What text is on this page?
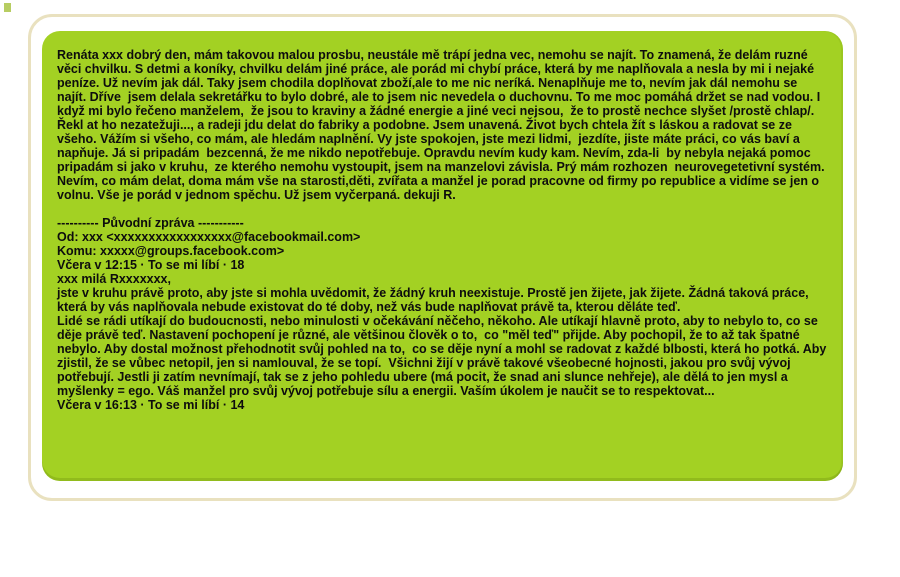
Renáta xxx dobrý den, mám takovou malou prosbu, neustále mě trápí jedna vec, nemohu se najít. To znamená, že delám ruzné věci chvilku. S detmi a koníky, chvilku delám jiné práce, ale porád mi chybí práce, která by me naplňovala a nesla by mi i nejaké peníze. Už nevím jak dál. Taky jsem chodila doplňovat zboží,ale to me nic neríká. Nenaplňuje me to, nevím jak dál nemohu se najít. Dříve  jsem delala sekretářku to bylo dobré, ale to jsem nic nevedela o duchovnu. To me moc pomáhá držet se nad vodou. I když mi bylo řečeno manželem,  že jsou to kraviny a žádné energie a jiné veci nejsou,  že to prostě nechce slyšet /prostě chlap/. Řekl at ho nezatežuji..., a radeji jdu delat do fabriky a podobne. Jsem unavená. Život bych chtela žít s láskou a radovat se ze všeho. Vážím si všeho, co mám, ale hledám naplnění. Vy jste spokojen, jste mezi lidmi,  jezdíte, jiste máte práci, co vás baví a napňuje. Já si pripadám  bezcenná, že me nikdo nepotřebuje. Opravdu nevím kudy kam. Nevím, zda-li  by nebyla nejaká pomoc pripadám si jako v kruhu,  ze kterého nemohu vystoupit, jsem na manzelovi závisla. Prý mám rozhozen  neurovegetetivní systém. Nevím, co mám delat, doma mám vše na starosti,děti, zvířata a manžel je porad pracovne od firmy po republice a vidíme se jen o volnu. Vše je porád v jednom spěchu. Už jsem vyčerpaná. dekuji R.
---------- Původní zpráva -----------
Od: xxx <xxxxxxxxxxxxxxxxx@facebookmail.com>
Komu: xxxxx@groups.facebook.com>
Včera v 12:15 · To se mi líbí · 18
xxx milá Rxxxxxxx,
jste v kruhu právě proto, aby jste si mohla uvědomit, že žádný kruh neexistuje. Prostě jen žijete, jak žijete. Žádná taková práce, která by vás naplňovala nebude existovat do té doby, než vás bude naplňovat právě ta, kterou děláte teď.
Lidé se rádi utíkají do budoucnosti, nebo minulosti v očekávání něčeho, někoho. Ale utíkají hlavně proto, aby to nebylo to, co se děje právě teď. Nastavení pochopení je různé, ale většinou člověk o to,  co "měl teď" přijde. Aby pochopil, že to až tak špatné nebylo. Aby dostal možnost přehodnotit svůj pohled na to,  co se děje nyní a mohl se radovat z každé blbosti, která ho potká. Aby zjistil, že se vůbec netopil, jen si namlouval, že se topí.  Všichni žijí v právě takové všeobecné hojnosti, jakou pro svůj vývoj potřebují. Jestli ji zatím nevnímají, tak se z jeho pohledu ubere (má pocit, že snad ani slunce nehřeje), ale dělá to jen mysl a myšlenky = ego. Váš manžel pro svůj vývoj potřebuje sílu a energii. Vaším úkolem je naučit se to respektovat...
Včera v 16:13 · To se mi líbí · 14
